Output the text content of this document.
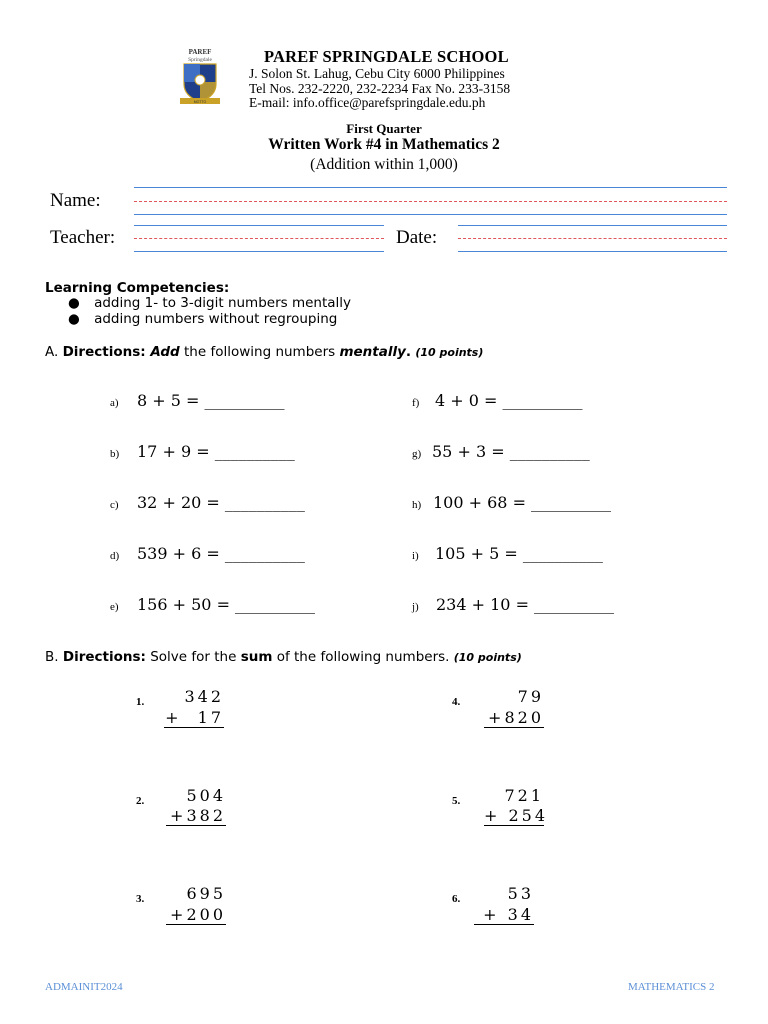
PAREF
Springdale
MOTTO
PAREF SPRINGDALE SCHOOL
J. Solon St. Lahug, Cebu City 6000 Philippines
Tel Nos. 232-2220, 232-2234 Fax No. 233-3158
E-mail: info.office@parefspringdale.edu.ph
First Quarter
Written Work #4 in Mathematics 2
(Addition within 1,000)
Name:
Teacher:	Date:
Learning Competencies:
● adding 1- to 3-digit numbers mentally
● adding numbers without regrouping
A. Directions: Add the following numbers mentally. (10 points)
a) 8 + 5 = __________
b) 17 + 9 = __________
c) 32 + 20 = __________
d) 539 + 6 = __________
e) 156 + 50 = __________
f) 4 + 0 = __________
g) 55 + 3 = __________
h) 100 + 68 = __________
i) 105 + 5 = __________
j) 234 + 10 = __________
B. Directions: Solve for the sum of the following numbers. (10 points)
1.	342
+  17
2.	504
+382
3.	695
+200
4.	79
+820
5.	721
+ 254
6.	53
+ 34
ADMAINIT2024	MATHEMATICS 2
